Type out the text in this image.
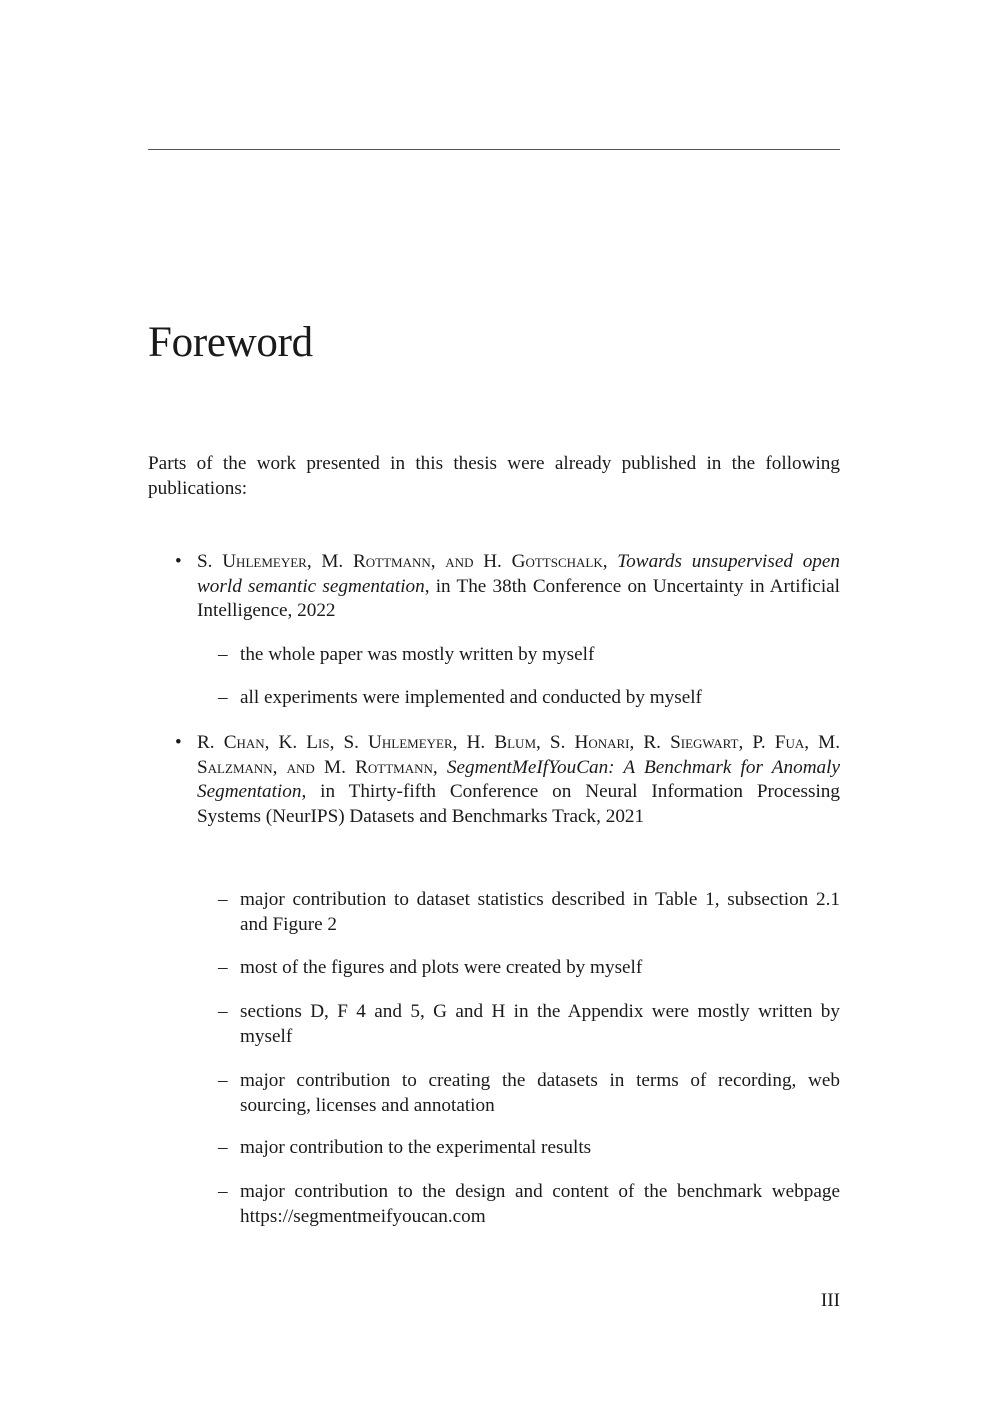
Foreword

Parts of the work presented in this thesis were already published in the following publications:

• S. Uhlemeyer, M. Rottmann, and H. Gottschalk, Towards unsupervised open world semantic segmentation, in The 38th Conference on Uncertainty in Artificial Intelligence, 2022
– the whole paper was mostly written by myself
– all experiments were implemented and conducted by myself
• R. Chan, K. Lis, S. Uhlemeyer, H. Blum, S. Honari, R. Siegwart, P. Fua, M. Salzmann, and M. Rottmann, SegmentMeIfYouCan: A Benchmark for Anomaly Segmentation, in Thirty-fifth Conference on Neural Information Processing Systems (NeurIPS) Datasets and Benchmarks Track, 2021
– major contribution to dataset statistics described in Table 1, subsection 2.1 and Figure 2
– most of the figures and plots were created by myself
– sections D, F 4 and 5, G and H in the Appendix were mostly written by myself
– major contribution to creating the datasets in terms of recording, web sourcing, licenses and annotation
– major contribution to the experimental results
– major contribution to the design and content of the benchmark webpage https://segmentmeifyoucan.com
III
